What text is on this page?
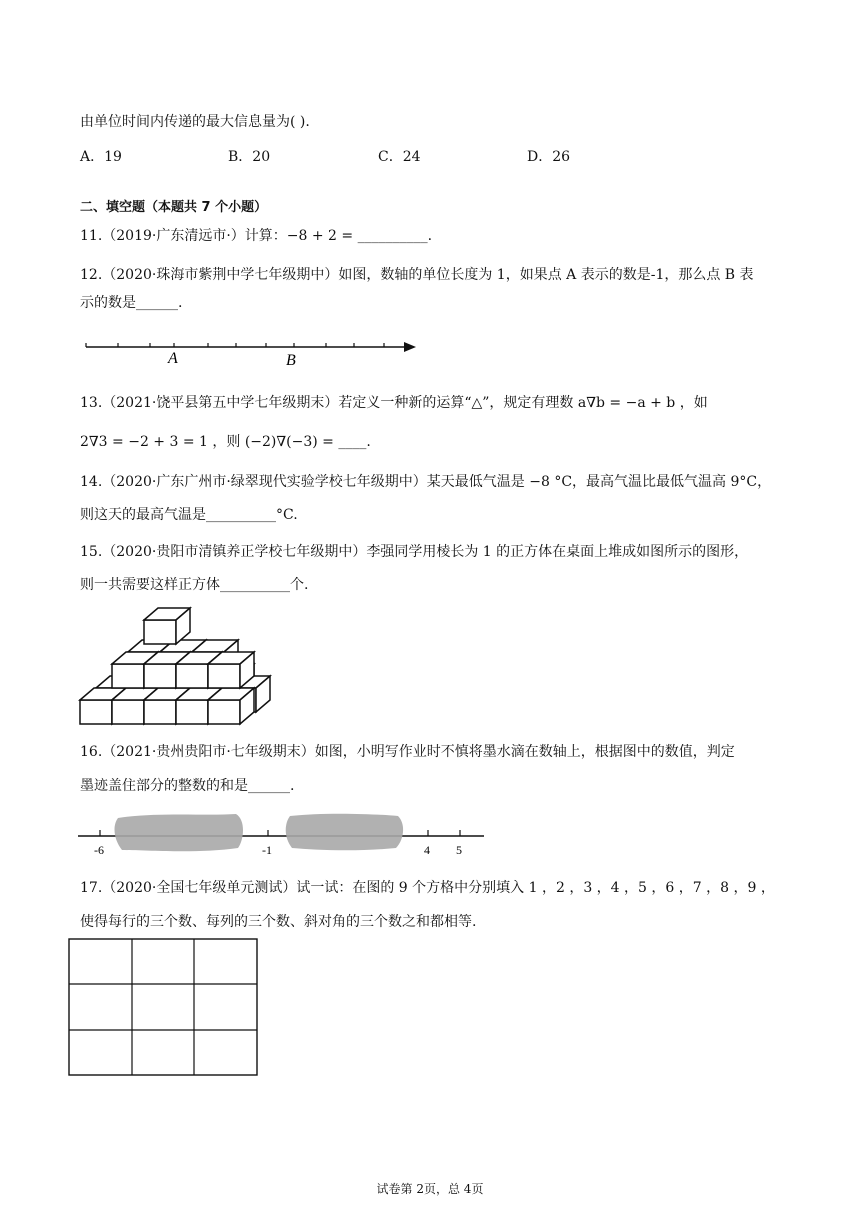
由单位时间内传递的最大信息量为( ).
A．19	B．20	C．24	D．26
二、填空题（本题共 7 个小题）
11.（2019·广东清远市·）计算：−8 + 2 = __________.
12.（2020·珠海市紫荆中学七年级期中）如图，数轴的单位长度为 1，如果点 A 表示的数是-1，那么点 B 表
示的数是______.
A	B
13.（2021·饶平县第五中学七年级期末）若定义一种新的运算“△”，规定有理数 a∇b = −a + b ，如
2∇3 = −2 + 3 = 1 ，则 (−2)∇(−3) = ____.
14.（2020·广东广州市·绿翠现代实验学校七年级期中）某天最低气温是 −8 °C，最高气温比最低气温高 9°C，
则这天的最高气温是__________°C.
15.（2020·贵阳市清镇养正学校七年级期中）李强同学用棱长为 1 的正方体在桌面上堆成如图所示的图形，
则一共需要这样正方体__________个.
16.（2021·贵州贵阳市·七年级期末）如图，小明写作业时不慎将墨水滴在数轴上，根据图中的数值，判定
墨迹盖住部分的整数的和是______.
-6	-1	4 5
17.（2020·全国七年级单元测试）试一试：在图的 9 个方格中分别填入 1 ，2 ，3 ，4 ，5 ，6 ，7 ，8 ，9 ，
使得每行的三个数、每列的三个数、斜对角的三个数之和都相等.
试卷第 2页，总 4页
